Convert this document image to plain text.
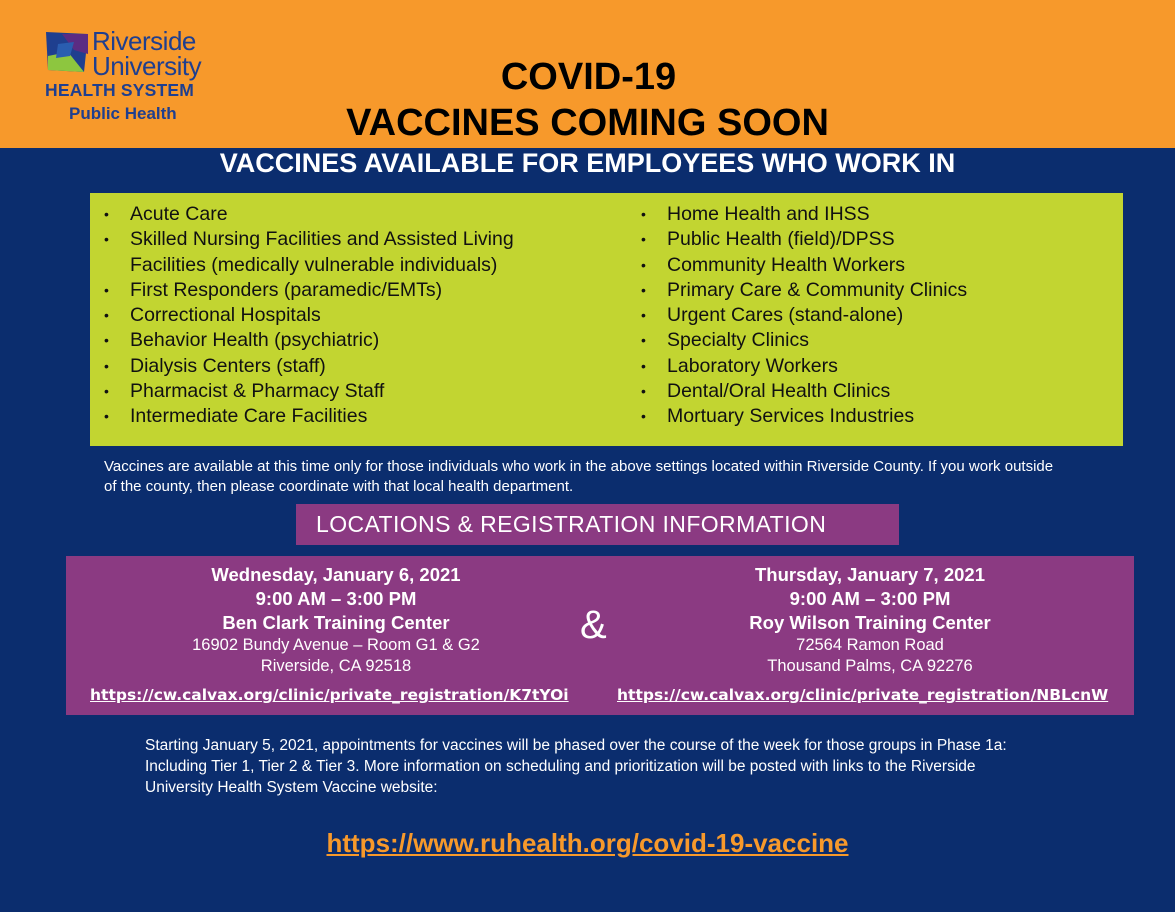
Riverside
University
HEALTH SYSTEM
Public Health
COVID-19
VACCINES COMING SOON
VACCINES AVAILABLE FOR EMPLOYEES WHO WORK IN
• Acute Care
• Skilled Nursing Facilities and Assisted Living Facilities (medically vulnerable individuals)
• First Responders (paramedic/EMTs)
• Correctional Hospitals
• Behavior Health (psychiatric)
• Dialysis Centers (staff)
• Pharmacist & Pharmacy Staff
• Intermediate Care Facilities
• Home Health and IHSS
• Public Health (field)/DPSS
• Community Health Workers
• Primary Care & Community Clinics
• Urgent Cares (stand-alone)
• Specialty Clinics
• Laboratory Workers
• Dental/Oral Health Clinics
• Mortuary Services Industries
Vaccines are available at this time only for those individuals who work in the above settings located within Riverside County. If you work outside of the county, then please coordinate with that local health department.
LOCATIONS & REGISTRATION INFORMATION
Wednesday, January 6, 2021
9:00 AM – 3:00 PM
Ben Clark Training Center
16902 Bundy Avenue – Room G1 & G2
Riverside, CA 92518
Thursday, January 7, 2021
9:00 AM – 3:00 PM
Roy Wilson Training Center
72564 Ramon Road
Thousand Palms, CA 92276
&
https://cw.calvax.org/clinic/private_registration/K7tYOi	https://cw.calvax.org/clinic/private_registration/NBLcnW
Starting January 5, 2021, appointments for vaccines will be phased over the course of the week for those groups in Phase 1a: Including Tier 1, Tier 2 & Tier 3. More information on scheduling and prioritization will be posted with links to the Riverside University Health System Vaccine website:
https://www.ruhealth.org/covid-19-vaccine
